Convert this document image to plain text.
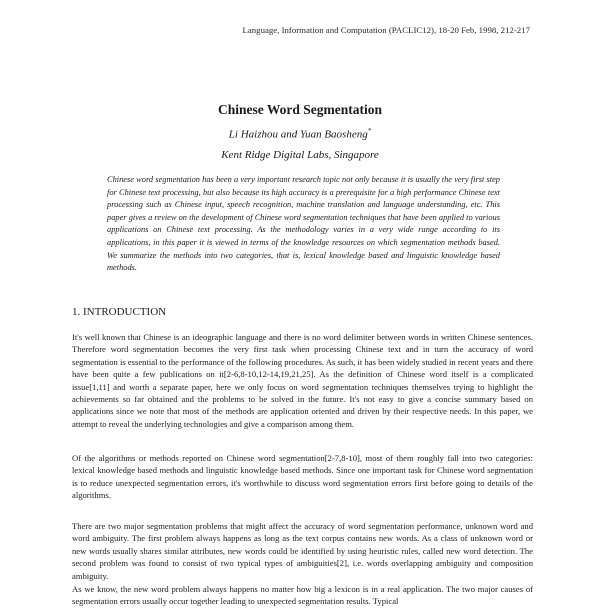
Language, Information and Computation (PACLIC12), 18-20 Feb, 1998, 212-217
Chinese Word Segmentation
Li Haizhou and Yuan Baosheng*
Kent Ridge Digital Labs, Singapore

Chinese word segmentation has been a very important research topic not only because it is usually the very first step for Chinese text processing, but also because its high accuracy is a prerequisite for a high performance Chinese text processing such as Chinese input, speech recognition, machine translation and language understanding, etc. This paper gives a review on the development of Chinese word segmentation techniques that have been applied to various applications on Chinese text processing. As the methodology varies in a very wide range according to its applications, in this paper it is viewed in terms of the knowledge resources on which segmentation methods based. We summarize the methods into two categories, that is, lexical knowledge based and linguistic knowledge based methods.

1. INTRODUCTION

It's well known that Chinese is an ideographic language and there is no word delimiter between words in written Chinese sentences. Therefore word segmentation becomes the very first task when processing Chinese text and in turn the accuracy of word segmentation is essential to the performance of the following procedures. As such, it has been widely studied in recent years and there have been quite a few publications on it[2-6,8-10,12-14,19,21,25]. As the definition of Chinese word itself is a complicated issue[1,11] and worth a separate paper, here we only focus on word segmentation techniques themselves trying to highlight the achievements so far obtained and the problems to be solved in the future. It's not easy to give a concise summary based on applications since we note that most of the methods are application oriented and driven by their respective needs. In this paper, we attempt to reveal the underlying technologies and give a comparison among them.

Of the algorithms or methods reported on Chinese word segmentation[2-7,8-10], most of them roughly fall into two categories: lexical knowledge based methods and linguistic knowledge based methods. Since one important task for Chinese word segmentation is to reduce unexpected segmentation errors, it's worthwhile to discuss word segmentation errors first before going to details of the algorithms.

There are two major segmentation problems that might affect the accuracy of word segmentation performance, unknown word and word ambiguity. The first problem always happens as long as the text corpus contains new words. As a class of unknown word or new words usually shares similar attributes, new words could be identified by using heuristic rules, called new word detection. The second problem was found to consist of two typical types of ambiguities[2], i.e. words overlapping ambiguity and composition ambiguity.

As we know, the new word problem always happens no matter how big a lexicon is in a real application. The two major causes of segmentation errors usually occur together leading to unexpected segmentation results. Typical
